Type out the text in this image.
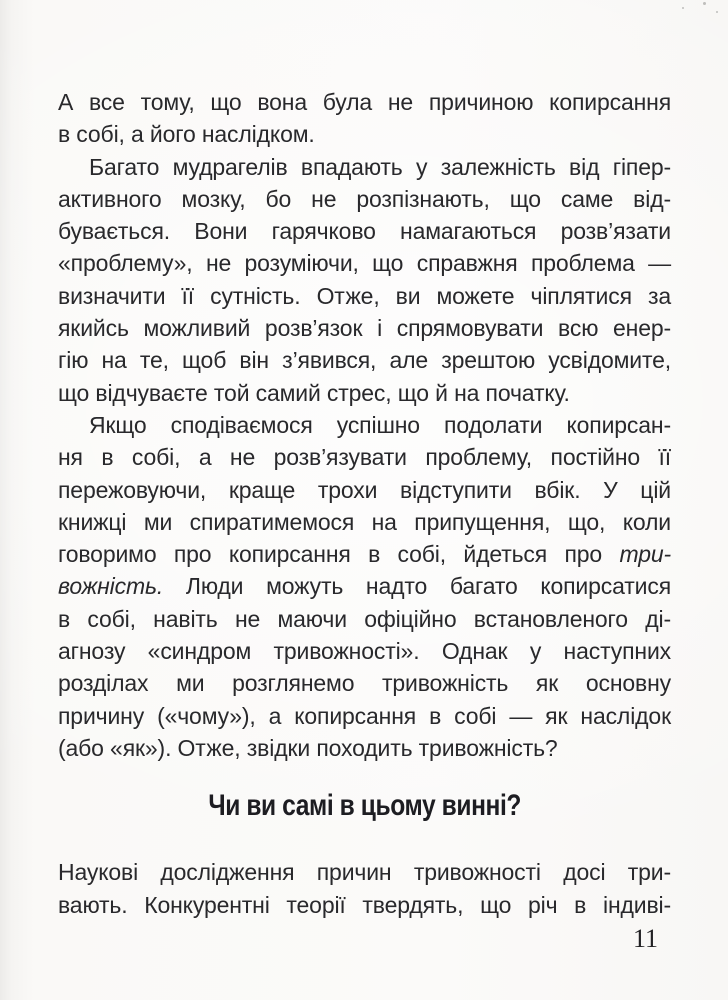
А все тому, що вона була не причиною копирсання
в собі, а його наслідком.
Багато мудрагелів впадають у залежність від гіпер-
активного мозку, бо не розпізнають, що саме від-
бувається. Вони гарячково намагаються розв’язати
«проблему», не розуміючи, що справжня проблема —
визначити її сутність. Отже, ви можете чіплятися за
якийсь можливий розв’язок і спрямовувати всю енер-
гію на те, щоб він з’явився, але зрештою усвідомите,
що відчуваєте той самий стрес, що й на початку.
Якщо сподіваємося успішно подолати копирсан-
ня в собі, а не розв’язувати проблему, постійно її
пережовуючи, краще трохи відступити вбік. У цій
книжці ми спиратимемося на припущення, що, коли
говоримо про копирсання в собі, йдеться про три-
вожність. Люди можуть надто багато копирсатися
в собі, навіть не маючи офіційно встановленого ді-
агнозу «синдром тривожності». Однак у наступних
розділах ми розглянемо тривожність як основну
причину («чому»), а копирсання в собі — як наслідок
(або «як»). Отже, звідки походить тривожність?
Чи ви самі в цьому винні?
Наукові дослідження причин тривожності досі три-
вають. Конкурентні теорії твердять, що річ в індиві-
11
